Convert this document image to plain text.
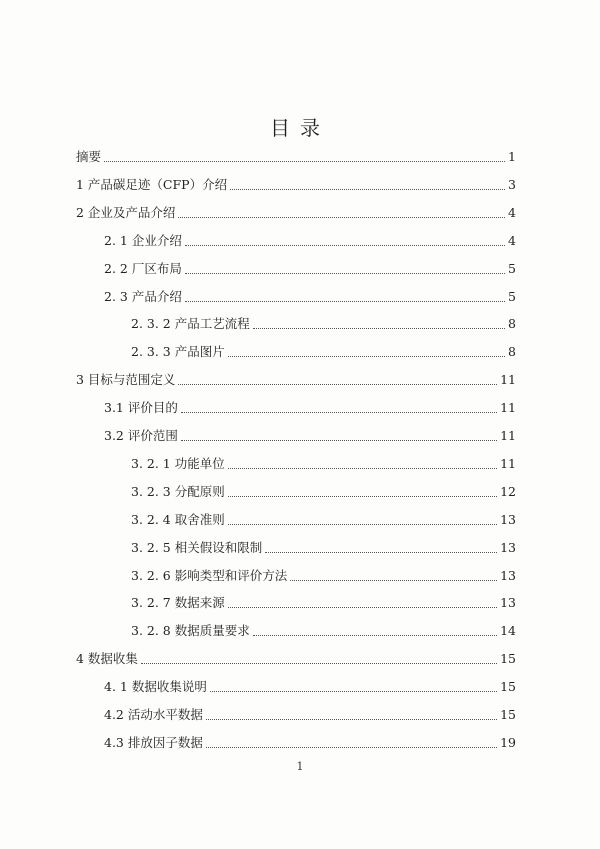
目录
摘要	1
1 产品碳足迹（CFP）介绍	3
2 企业及产品介绍	4
2. 1 企业介绍	4
2. 2 厂区布局	5
2. 3 产品介绍	5
2. 3. 2 产品工艺流程	8
2. 3. 3 产品图片	8
3 目标与范围定义	11
3.1 评价目的	11
3.2 评价范围	11
3. 2. 1 功能单位	11
3. 2. 3 分配原则	12
3. 2. 4 取舍准则	13
3. 2. 5 相关假设和限制	13
3. 2. 6 影响类型和评价方法	13
3. 2. 7 数据来源	13
3. 2. 8 数据质量要求	14
4 数据收集	15
4. 1 数据收集说明	15
4.2 活动水平数据	15
4.3 排放因子数据	19
1
